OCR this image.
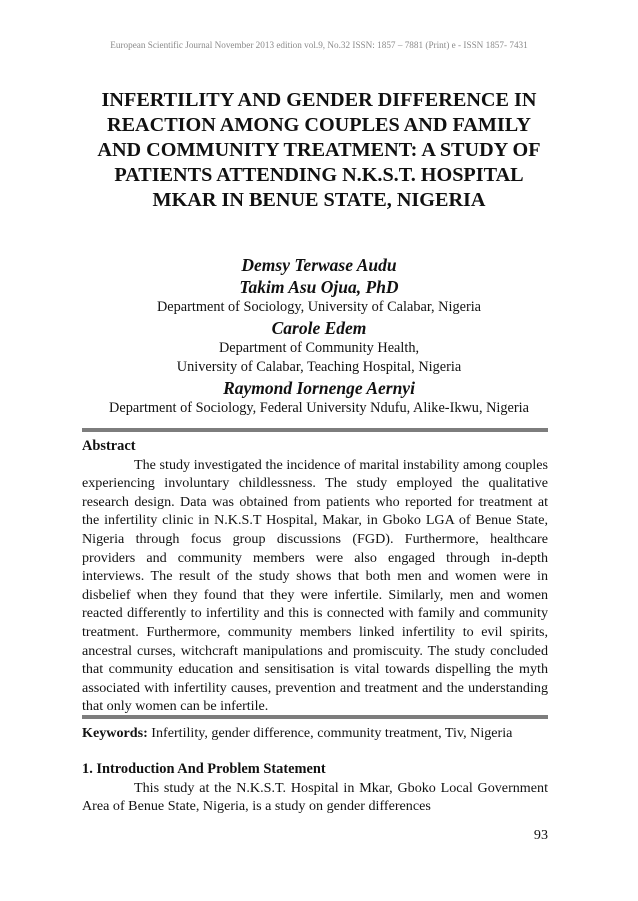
European Scientific Journal November 2013 edition vol.9, No.32 ISSN: 1857 – 7881 (Print) e - ISSN 1857- 7431
INFERTILITY AND GENDER DIFFERENCE IN
REACTION AMONG COUPLES AND FAMILY
AND COMMUNITY TREATMENT: A STUDY OF
PATIENTS ATTENDING N.K.S.T. HOSPITAL
MKAR IN BENUE STATE, NIGERIA
Demsy Terwase Audu
Takim Asu Ojua, PhD
Department of Sociology, University of Calabar, Nigeria
Carole Edem
Department of Community Health,
University of Calabar, Teaching Hospital, Nigeria
Raymond Iornenge Aernyi
Department of Sociology, Federal University Ndufu, Alike-Ikwu, Nigeria
Abstract
The study investigated the incidence of marital instability among couples experiencing involuntary childlessness. The study employed the qualitative research design. Data was obtained from patients who reported for treatment at the infertility clinic in N.K.S.T Hospital, Makar, in Gboko LGA of Benue State, Nigeria through focus group discussions (FGD). Furthermore, healthcare providers and community members were also engaged through in-depth interviews. The result of the study shows that both men and women were in disbelief when they found that they were infertile. Similarly, men and women reacted differently to infertility and this is connected with family and community treatment. Furthermore, community members linked infertility to evil spirits, ancestral curses, witchcraft manipulations and promiscuity. The study concluded that community education and sensitisation is vital towards dispelling the myth associated with infertility causes, prevention and treatment and the understanding that only women can be infertile.
Keywords: Infertility, gender difference, community treatment, Tiv, Nigeria
1. Introduction And Problem Statement
This study at the N.K.S.T. Hospital in Mkar, Gboko Local Government Area of Benue State, Nigeria, is a study on gender differences
93
